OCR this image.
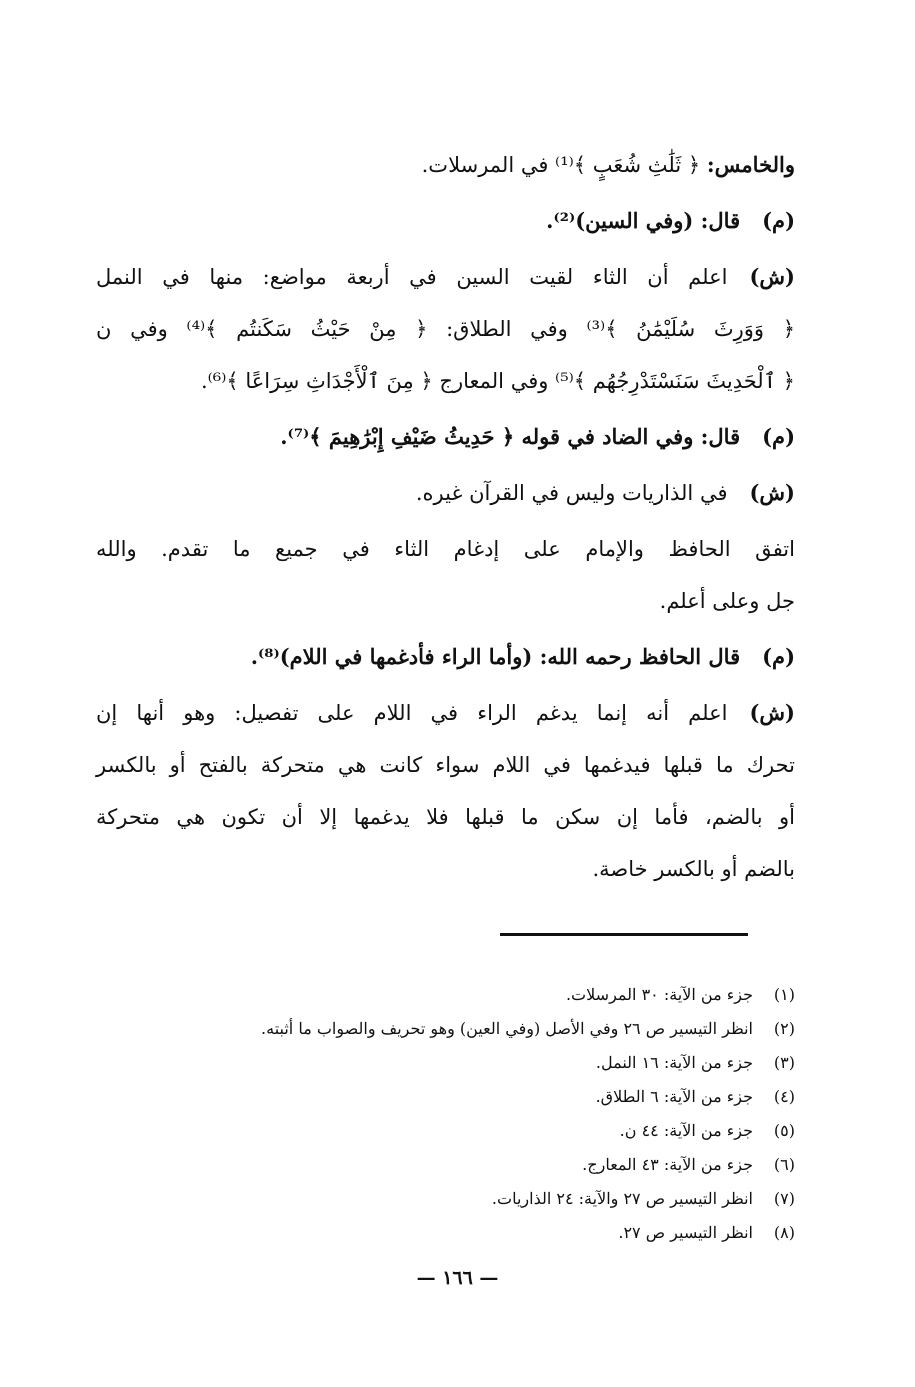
والخامس: ﴿ ثَلَٰثِ شُعَبٍ ﴾⁽¹⁾ في المرسلات.

(م)قال: (وفي السين)⁽²⁾.

(ش)اعلم أن الثاء لقيت السين في أربعة مواضع: منها في النمل

﴿ وَوَرِثَ سُلَيْمَٰنُ ﴾⁽³⁾ وفي الطلاق: ﴿ مِنْ حَيْثُ سَكَنتُم ﴾⁽⁴⁾ وفي ن

﴿ ٱلْحَدِيثَ سَنَسْتَدْرِجُهُم ﴾⁽⁵⁾ وفي المعارج ﴿ مِنَ ٱلْأَجْدَاثِ سِرَاعًا ﴾⁽⁶⁾.

(م)قال: وفي الضاد في قوله ﴿ حَدِيثُ ضَيْفِ إِبْرَٰهِيمَ ﴾⁽⁷⁾.

(ش)في الذاريات وليس في القرآن غيره.

اتفق الحافظ والإمام على إدغام الثاء في جميع ما تقدم. والله

جل وعلى أعلم.

(م)قال الحافظ رحمه الله: (وأما الراء فأدغمها في اللام)⁽⁸⁾.

(ش)اعلم أنه إنما يدغم الراء في اللام على تفصيل: وهو أنها إن

تحرك ما قبلها فيدغمها في اللام سواء كانت هي متحركة بالفتح أو بالكسر

أو بالضم، فأما إن سكن ما قبلها فلا يدغمها إلا أن تكون هي متحركة

بالضم أو بالكسر خاصة.

(١)جزء من الآية: ٣٠ المرسلات.

(٢)انظر التيسير ص ٢٦ وفي الأصل (وفي العين) وهو تحريف والصواب ما أثبته.

(٣)جزء من الآية: ١٦ النمل.

(٤)جزء من الآية: ٦ الطلاق.

(٥)جزء من الآية: ٤٤ ن.

(٦)جزء من الآية: ٤٣ المعارج.

(٧)انظر التيسير ص ٢٧ والآية: ٢٤ الذاريات.

(٨)انظر التيسير ص ٢٧.

— ١٦٦ —
